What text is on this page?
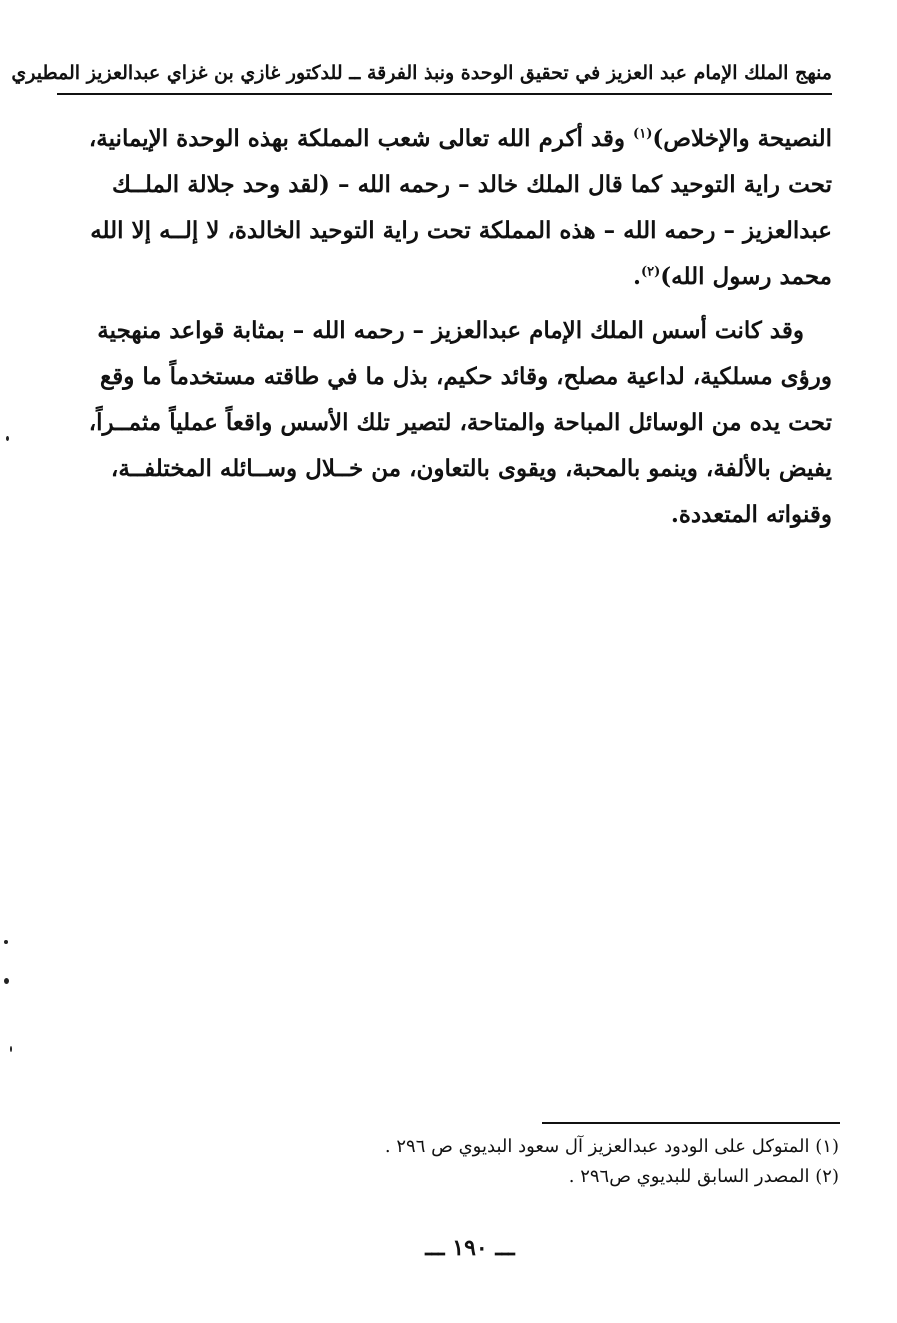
منهج الملك الإمام عبد العزيز في تحقيق الوحدة ونبذ الفرقة ــ للدكتور غازي بن غزاي عبدالعزيز المطيري
النصيحة والإخلاص)$^{(١)}$ وقد أكرم الله تعالى شعب المملكة بهذه الوحدة الإيمانية،
تحت راية التوحيد كما قال الملك خالد – رحمه الله – (لقد وحد جلالة الملــك
عبدالعزيز – رحمه الله – هذه المملكة تحت راية التوحيد الخالدة، لا إلــه إلا الله
محمد رسول الله)$^{(٢)}$.
وقد كانت أسس الملك الإمام عبدالعزيز – رحمه الله – بمثابة قواعد منهجية
ورؤى مسلكية، لداعية مصلح، وقائد حكيم، بذل ما في طاقته مستخدماً ما وقع
تحت يده من الوسائل المباحة والمتاحة، لتصير تلك الأسس واقعاً عملياً مثمــراً،
يفيض بالألفة، وينمو بالمحبة، ويقوى بالتعاون، من خــلال وســائله المختلفــة،
وقنواته المتعددة.
(١) المتوكل على الودود عبدالعزيز آل سعود البديوي ص ٢٩٦ .
(٢) المصدر السابق للبديوي ص٢٩٦ .
ـــ ١٩٠ ـــ
